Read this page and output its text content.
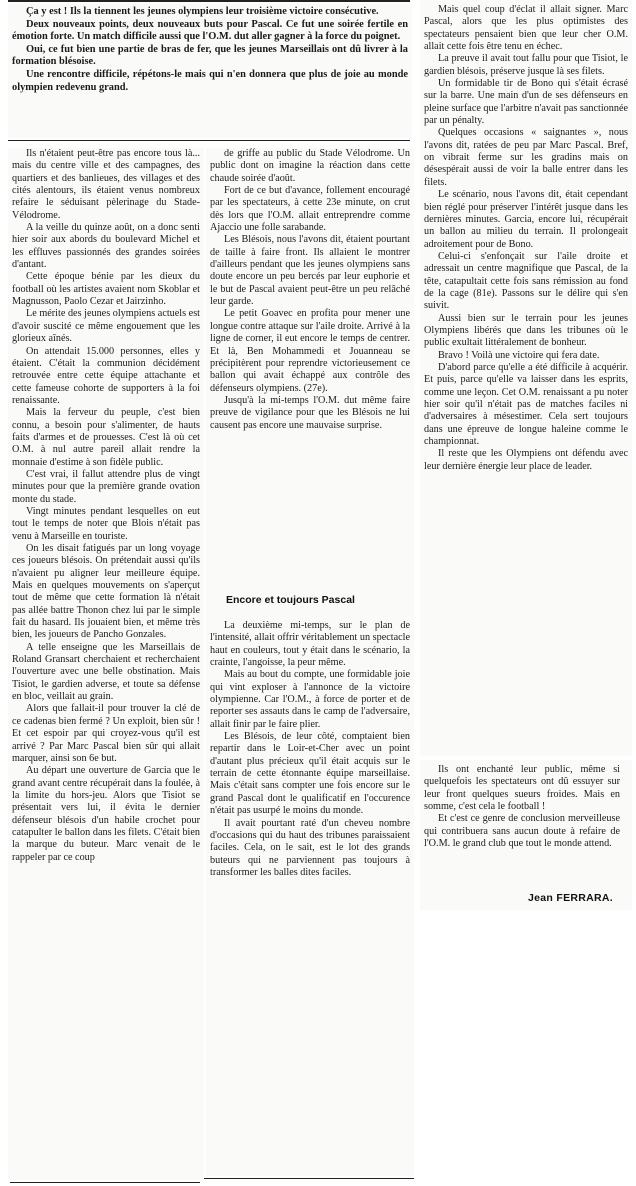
Ça y est ! Ils la tiennent les jeunes olympiens leur troisième victoire consécutive.

Deux nouveaux points, deux nouveaux buts pour Pascal. Ce fut une soirée fertile en émotion forte. Un match difficile aussi que l'O.M. dut aller gagner à la force du poignet.

Oui, ce fut bien une partie de bras de fer, que les jeunes Marseillais ont dû livrer à la formation blésoise.

Une rencontre difficile, répétons-le mais qui n'en donnera que plus de joie au monde olympien redevenu grand.

Ils n'étaient peut-être pas encore tous là... mais du centre ville et des campagnes, des quartiers et des banlieues, des villages et des cités alentours, ils étaient venus nombreux refaire le séduisant pèlerinage du Stade-Vélodrome.

A la veille du quinze août, on a donc senti hier soir aux abords du boulevard Michel et les effluves passionnés des grandes soirées d'antant.

Cette époque bénie par les dieux du football où les artistes avaient nom Skoblar et Magnusson, Paolo Cezar et Jairzinho.

Le mérite des jeunes olympiens actuels est d'avoir suscité ce même engouement que les glorieux aînés.

On attendait 15.000 personnes, elles y étaient. C'était la communion décidément retrouvée entre cette équipe attachante et cette fameuse cohorte de supporters à la foi renaissante.

Mais la ferveur du peuple, c'est bien connu, a besoin pour s'alimenter, de hauts faits d'armes et de prouesses. C'est là où cet O.M. à nul autre pareil allait rendre la monnaie d'estime à son fidèle public.

C'est vrai, il fallut attendre plus de vingt minutes pour que la première grande ovation monte du stade.

Vingt minutes pendant lesquelles on eut tout le temps de noter que Blois n'était pas venu à Marseille en touriste.

On les disait fatigués par un long voyage ces joueurs blésois. On prétendait aussi qu'ils n'avaient pu aligner leur meilleure équipe. Mais en quelques mouvements on s'aperçut tout de même que cette formation là n'était pas allée battre Thonon chez lui par le simple fait du hasard. Ils jouaient bien, et même très bien, les joueurs de Pancho Gonzales.

A telle enseigne que les Marseillais de Roland Gransart cherchaient et recherchaient l'ouverture avec une belle obstination. Mais Tisiot, le gardien adverse, et toute sa défense en bloc, veillait au grain.

Alors que fallait-il pour trouver la clé de ce cadenas bien fermé ? Un exploit, bien sûr ! Et cet espoir par qui croyez-vous qu'il est arrivé ? Par Marc Pascal bien sûr qui allait marquer, ainsi son 6e but.

Au départ une ouverture de Garcia que le grand avant centre récupérait dans la foulée, à la limite du hors-jeu. Alors que Tisiot se présentait vers lui, il évita le dernier défenseur blésois d'un habile crochet pour catapulter le ballon dans les filets. C'était bien la marque du buteur. Marc venait de le rappeler par ce coup

de griffe au public du Stade Vélodrome. Un public dont on imagine la réaction dans cette chaude soirée d'août.

Fort de ce but d'avance, follement encouragé par les spectateurs, à cette 23e minute, on crut dès lors que l'O.M. allait entreprendre comme Ajaccio une folle sarabande.

Les Blésois, nous l'avons dit, étaient pourtant de taille à faire front. Ils allaient le montrer d'ailleurs pendant que les jeunes olympiens sans doute encore un peu bercés par leur euphorie et le but de Pascal avaient peut-être un peu relâché leur garde.

Le petit Goavec en profita pour mener une longue contre attaque sur l'aile droite. Arrivé à la ligne de corner, il eut encore le temps de centrer. Et là, Ben Mohammedi et Jouanneau se précipitèrent pour reprendre victorieusement ce ballon qui avait échappé aux contrôle des défenseurs olympiens. (27e).

Jusqu'à la mi-temps l'O.M. dut même faire preuve de vigilance pour que les Blésois ne lui causent pas encore une mauvaise surprise.

Encore et toujours Pascal

La deuxième mi-temps, sur le plan de l'intensité, allait offrir véritablement un spectacle haut en couleurs, tout y était dans le scénario, la crainte, l'angoisse, la peur même.

Mais au bout du compte, une formidable joie qui vint exploser à l'annonce de la victoire olympienne. Car l'O.M., à force de porter et de reporter ses assauts dans le camp de l'adversaire, allait finir par le faire plier.

Les Blésois, de leur côté, comptaient bien repartir dans le Loir-et-Cher avec un point d'autant plus précieux qu'il était acquis sur le terrain de cette étonnante équipe marseillaise. Mais c'était sans compter une fois encore sur le grand Pascal dont le qualificatif en l'occurence n'était pas usurpé le moins du monde.

Il avait pourtant raté d'un cheveu nombre d'occasions qui du haut des tribunes paraissaient faciles. Cela, on le sait, est le lot des grands buteurs qui ne parviennent pas toujours à transformer les balles dites faciles.

Mais quel coup d'éclat il allait signer. Marc Pascal, alors que les plus optimistes des spectateurs pensaient bien que leur cher O.M. allait cette fois être tenu en échec.

La preuve il avait tout fallu pour que Tisiot, le gardien blésois, préserve jusque là ses filets.

Un formidable tir de Bono qui s'était écrasé sur la barre. Une main d'un de ses défenseurs en pleine surface que l'arbitre n'avait pas sanctionnée par un pénalty.

Quelques occasions « saignantes », nous l'avons dit, ratées de peu par Marc Pascal. Bref, on vibrait ferme sur les gradins mais on désespérait aussi de voir la balle entrer dans les filets.

Le scénario, nous l'avons dit, était cependant bien réglé pour préserver l'intérêt jusque dans les dernières minutes. Garcia, encore lui, récupérait un ballon au milieu du terrain. Il prolongeait adroitement pour de Bono.

Celui-ci s'enfonçait sur l'aile droite et adressait un centre magnifique que Pascal, de la tête, catapultait cette fois sans rémission au fond de la cage (81e). Passons sur le délire qui s'en suivit.

Aussi bien sur le terrain pour les jeunes Olympiens libérés que dans les tribunes où le public exultait littéralement de bonheur.

Bravo ! Voilà une victoire qui fera date.

D'abord parce qu'elle a été difficile à acquérir. Et puis, parce qu'elle va laisser dans les esprits, comme une leçon. Cet O.M. renaissant a pu noter hier soir qu'il n'était pas de matches faciles ni d'adversaires à mésestimer. Cela sert toujours dans une épreuve de longue haleine comme le championnat.

Il reste que les Olympiens ont défendu avec leur dernière énergie leur place de leader.

Ils ont enchanté leur public, même si quelquefois les spectateurs ont dû essuyer sur leur front quelques sueurs froides. Mais en somme, c'est cela le football !

Et c'est ce genre de conclusion merveilleuse qui contribuera sans aucun doute à refaire de l'O.M. le grand club que tout le monde attend.

Jean FERRARA.
